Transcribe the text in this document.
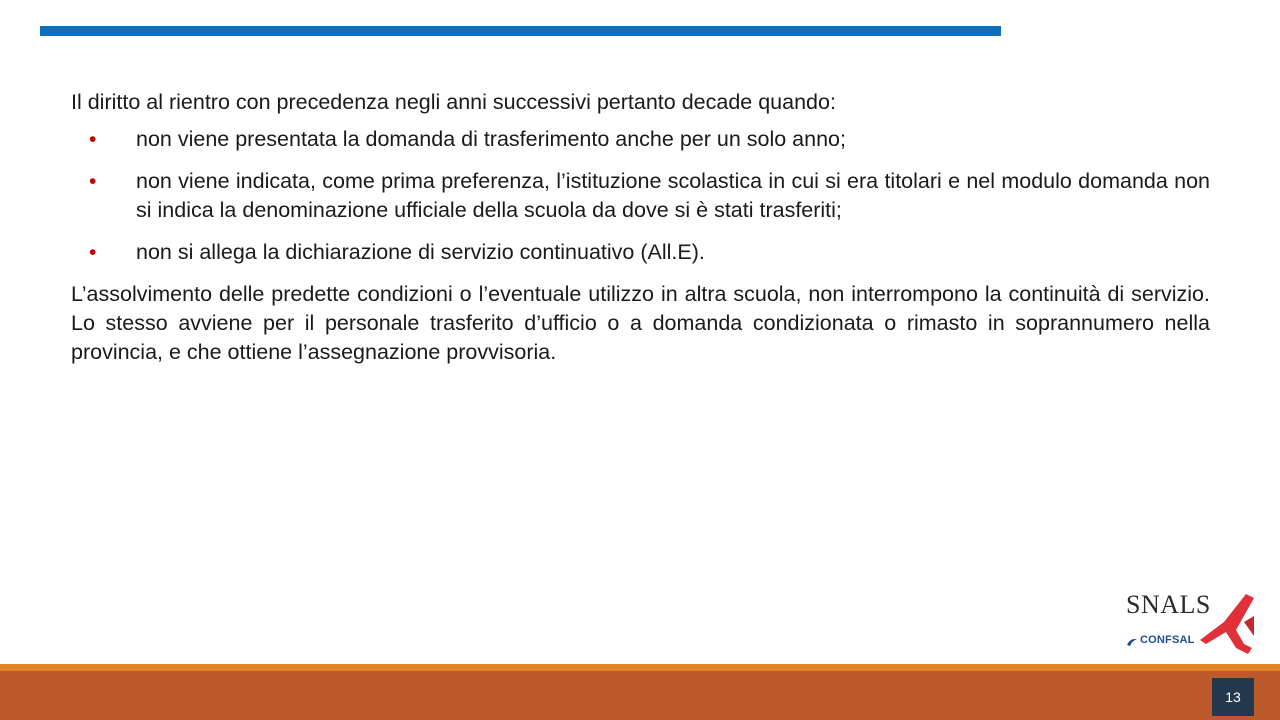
Il diritto al rientro con precedenza negli anni successivi pertanto decade quando:

• non viene presentata la domanda di trasferimento anche per un solo anno;
• non viene indicata, come prima preferenza, l’istituzione scolastica in cui si era titolari e nel modulo domanda non si indica la denominazione ufficiale della scuola da dove si è stati trasferiti;
• non si allega la dichiarazione di servizio continuativo (All.E).

L’assolvimento delle predette condizioni o l’eventuale utilizzo in altra scuola, non interrompono la continuità di servizio. Lo stesso avviene per il personale trasferito d’ufficio o a domanda condizionata o rimasto in soprannumero nella provincia, e che ottiene l’assegnazione provvisoria.

SNALS
CONFSAL
13
